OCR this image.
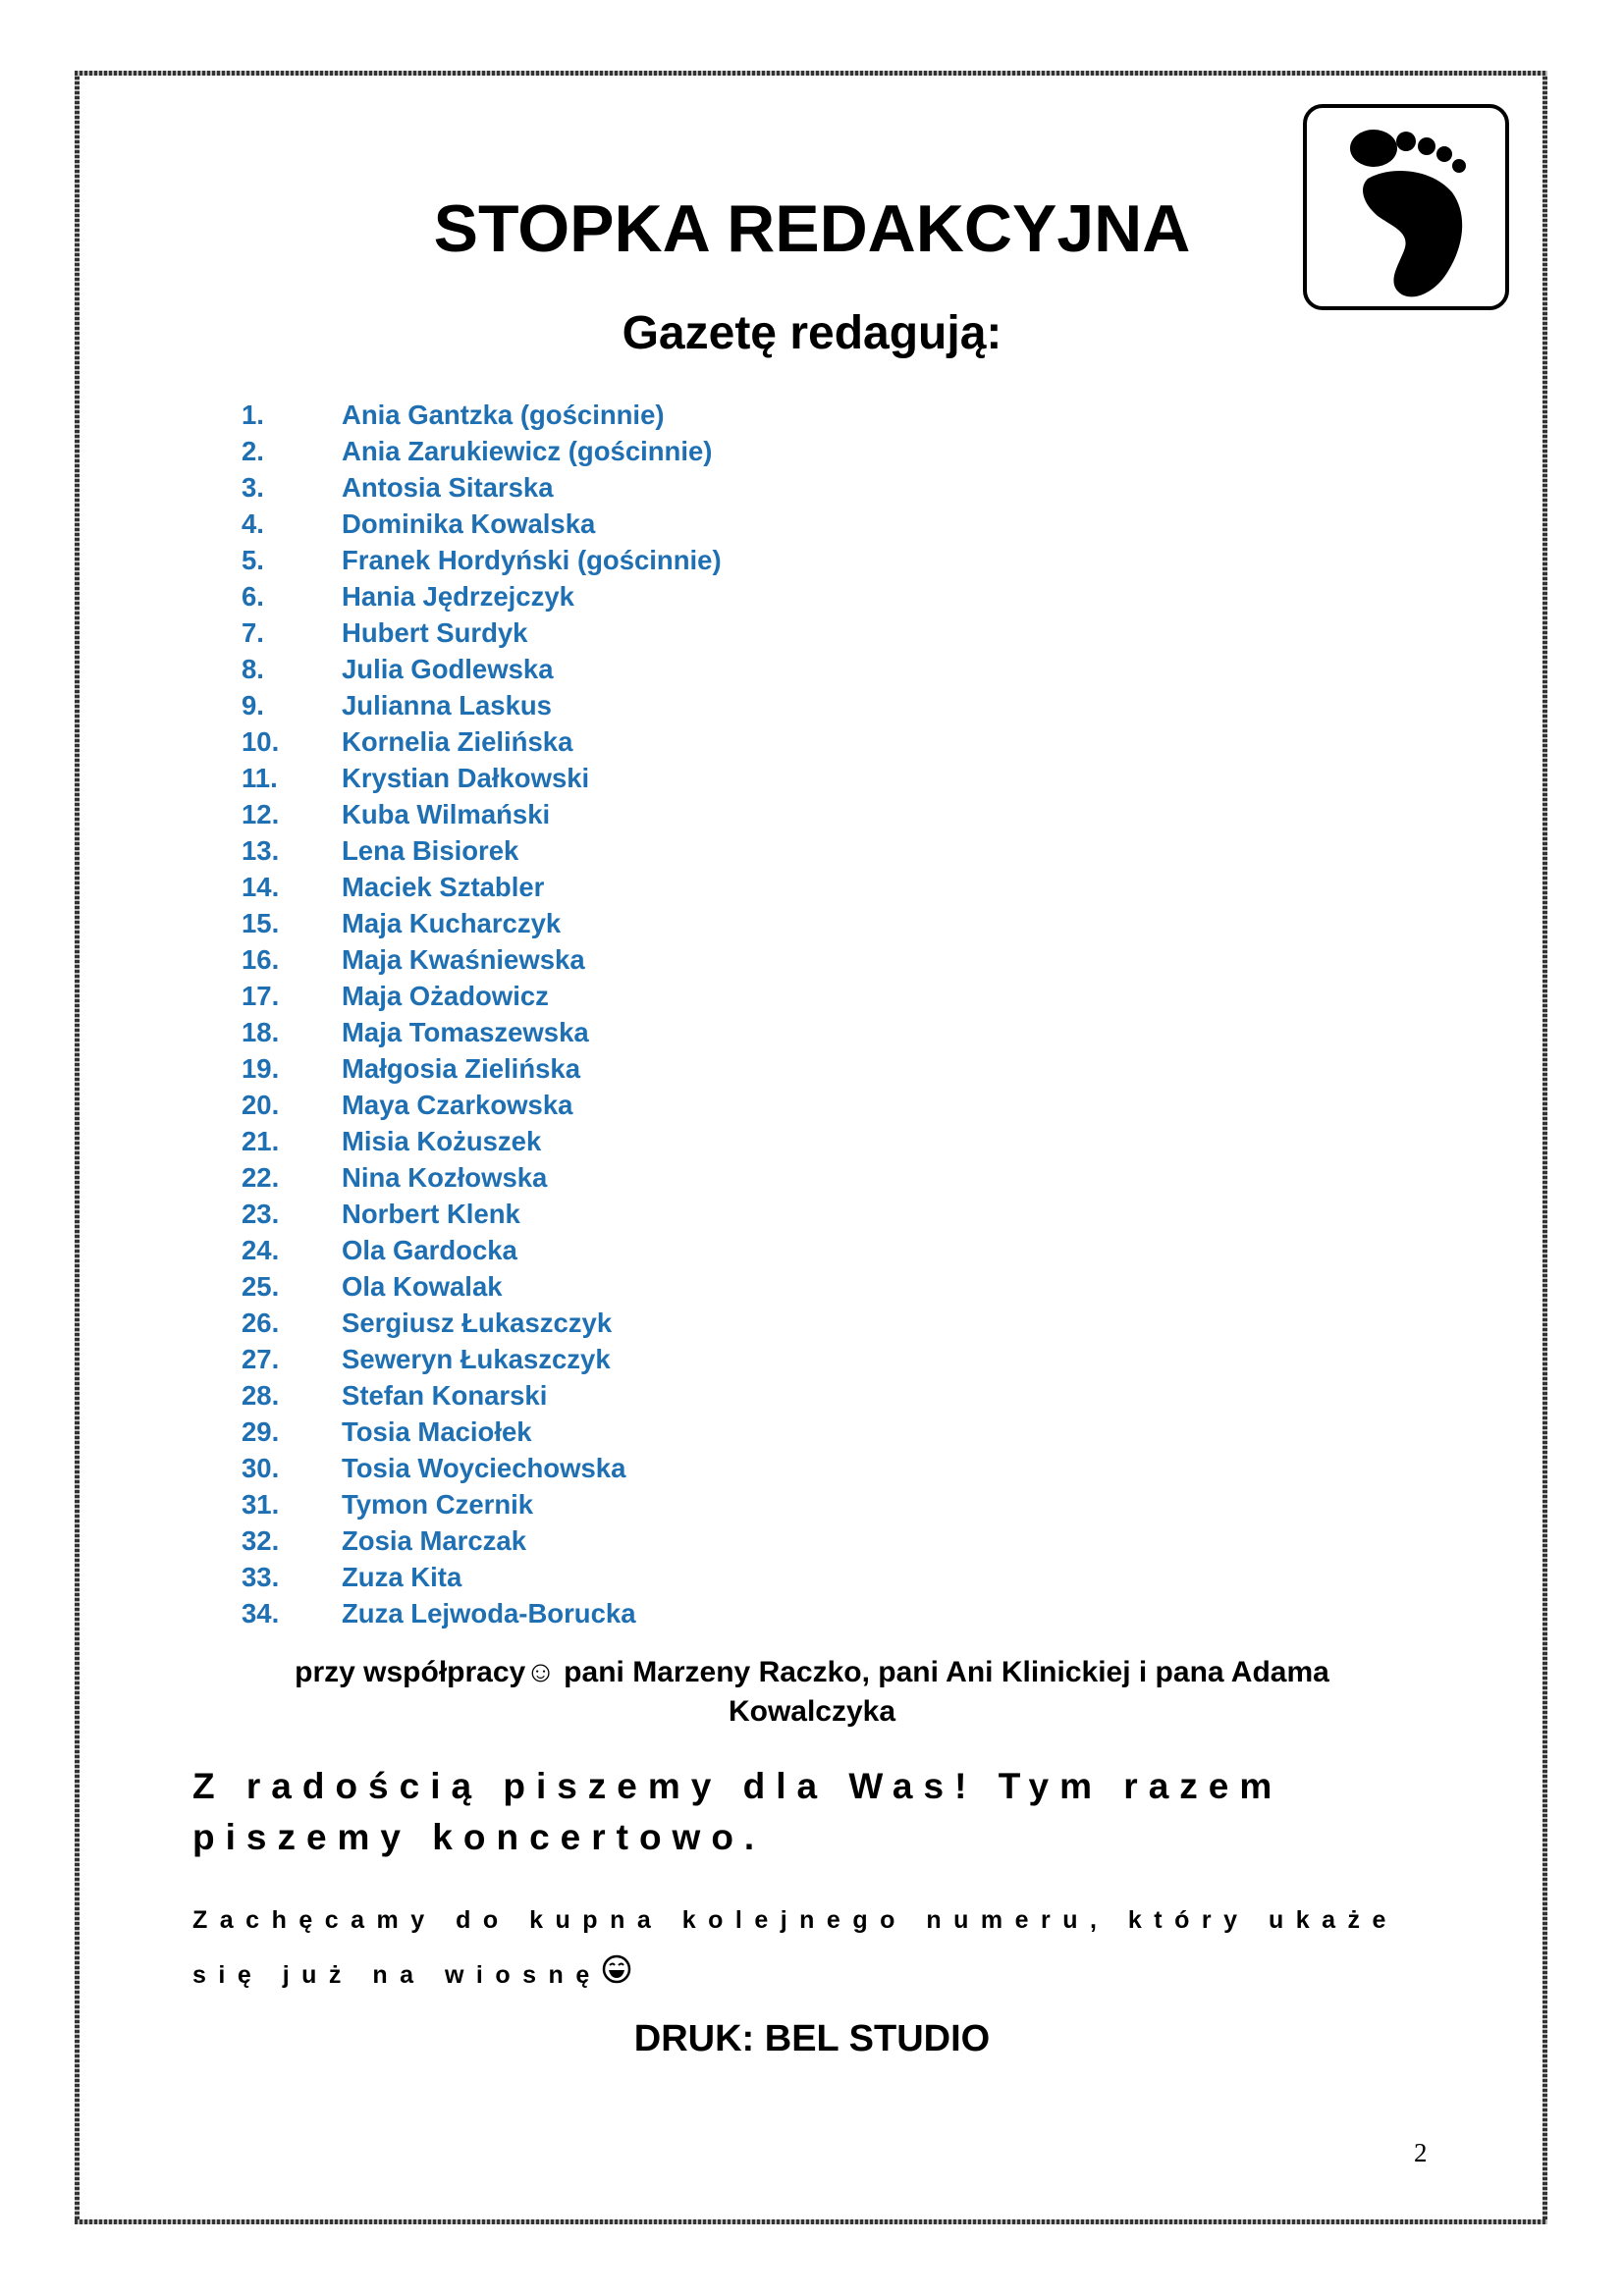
STOPKA REDAKCYJNA
Gazetę redagują:
1.	Ania Gantzka (gościnnie)
2.	Ania Zarukiewicz (gościnnie)
3.	Antosia Sitarska
4.	Dominika Kowalska
5.	Franek Hordyński (gościnnie)
6.	Hania Jędrzejczyk
7.	Hubert Surdyk
8.	Julia Godlewska
9.	Julianna Laskus
10. Kornelia Zielińska
11. Krystian Dałkowski
12. Kuba Wilmański
13. Lena Bisiorek
14. Maciek Sztabler
15. Maja Kucharczyk
16. Maja Kwaśniewska
17. Maja Ożadowicz
18. Maja Tomaszewska
19. Małgosia Zielińska
20. Maya Czarkowska
21. Misia Kożuszek
22. Nina Kozłowska
23. Norbert Klenk
24. Ola Gardocka
25. Ola Kowalak
26. Sergiusz Łukaszczyk
27. Seweryn Łukaszczyk
28. Stefan Konarski
29. Tosia Maciołek
30. Tosia Woyciechowska
31. Tymon Czernik
32. Zosia Marczak
33. Zuza Kita
34. Zuza Lejwoda-Borucka
przy współpracy☺ pani Marzeny Raczko, pani Ani Klinickiej i pana Adama
Kowalczyka
Z radością piszemy dla Was! Tym razem piszemy koncertowo.
Zachęcamy do kupna kolejnego numeru, który ukaże się już na wiosnę
DRUK: BEL STUDIO
2
